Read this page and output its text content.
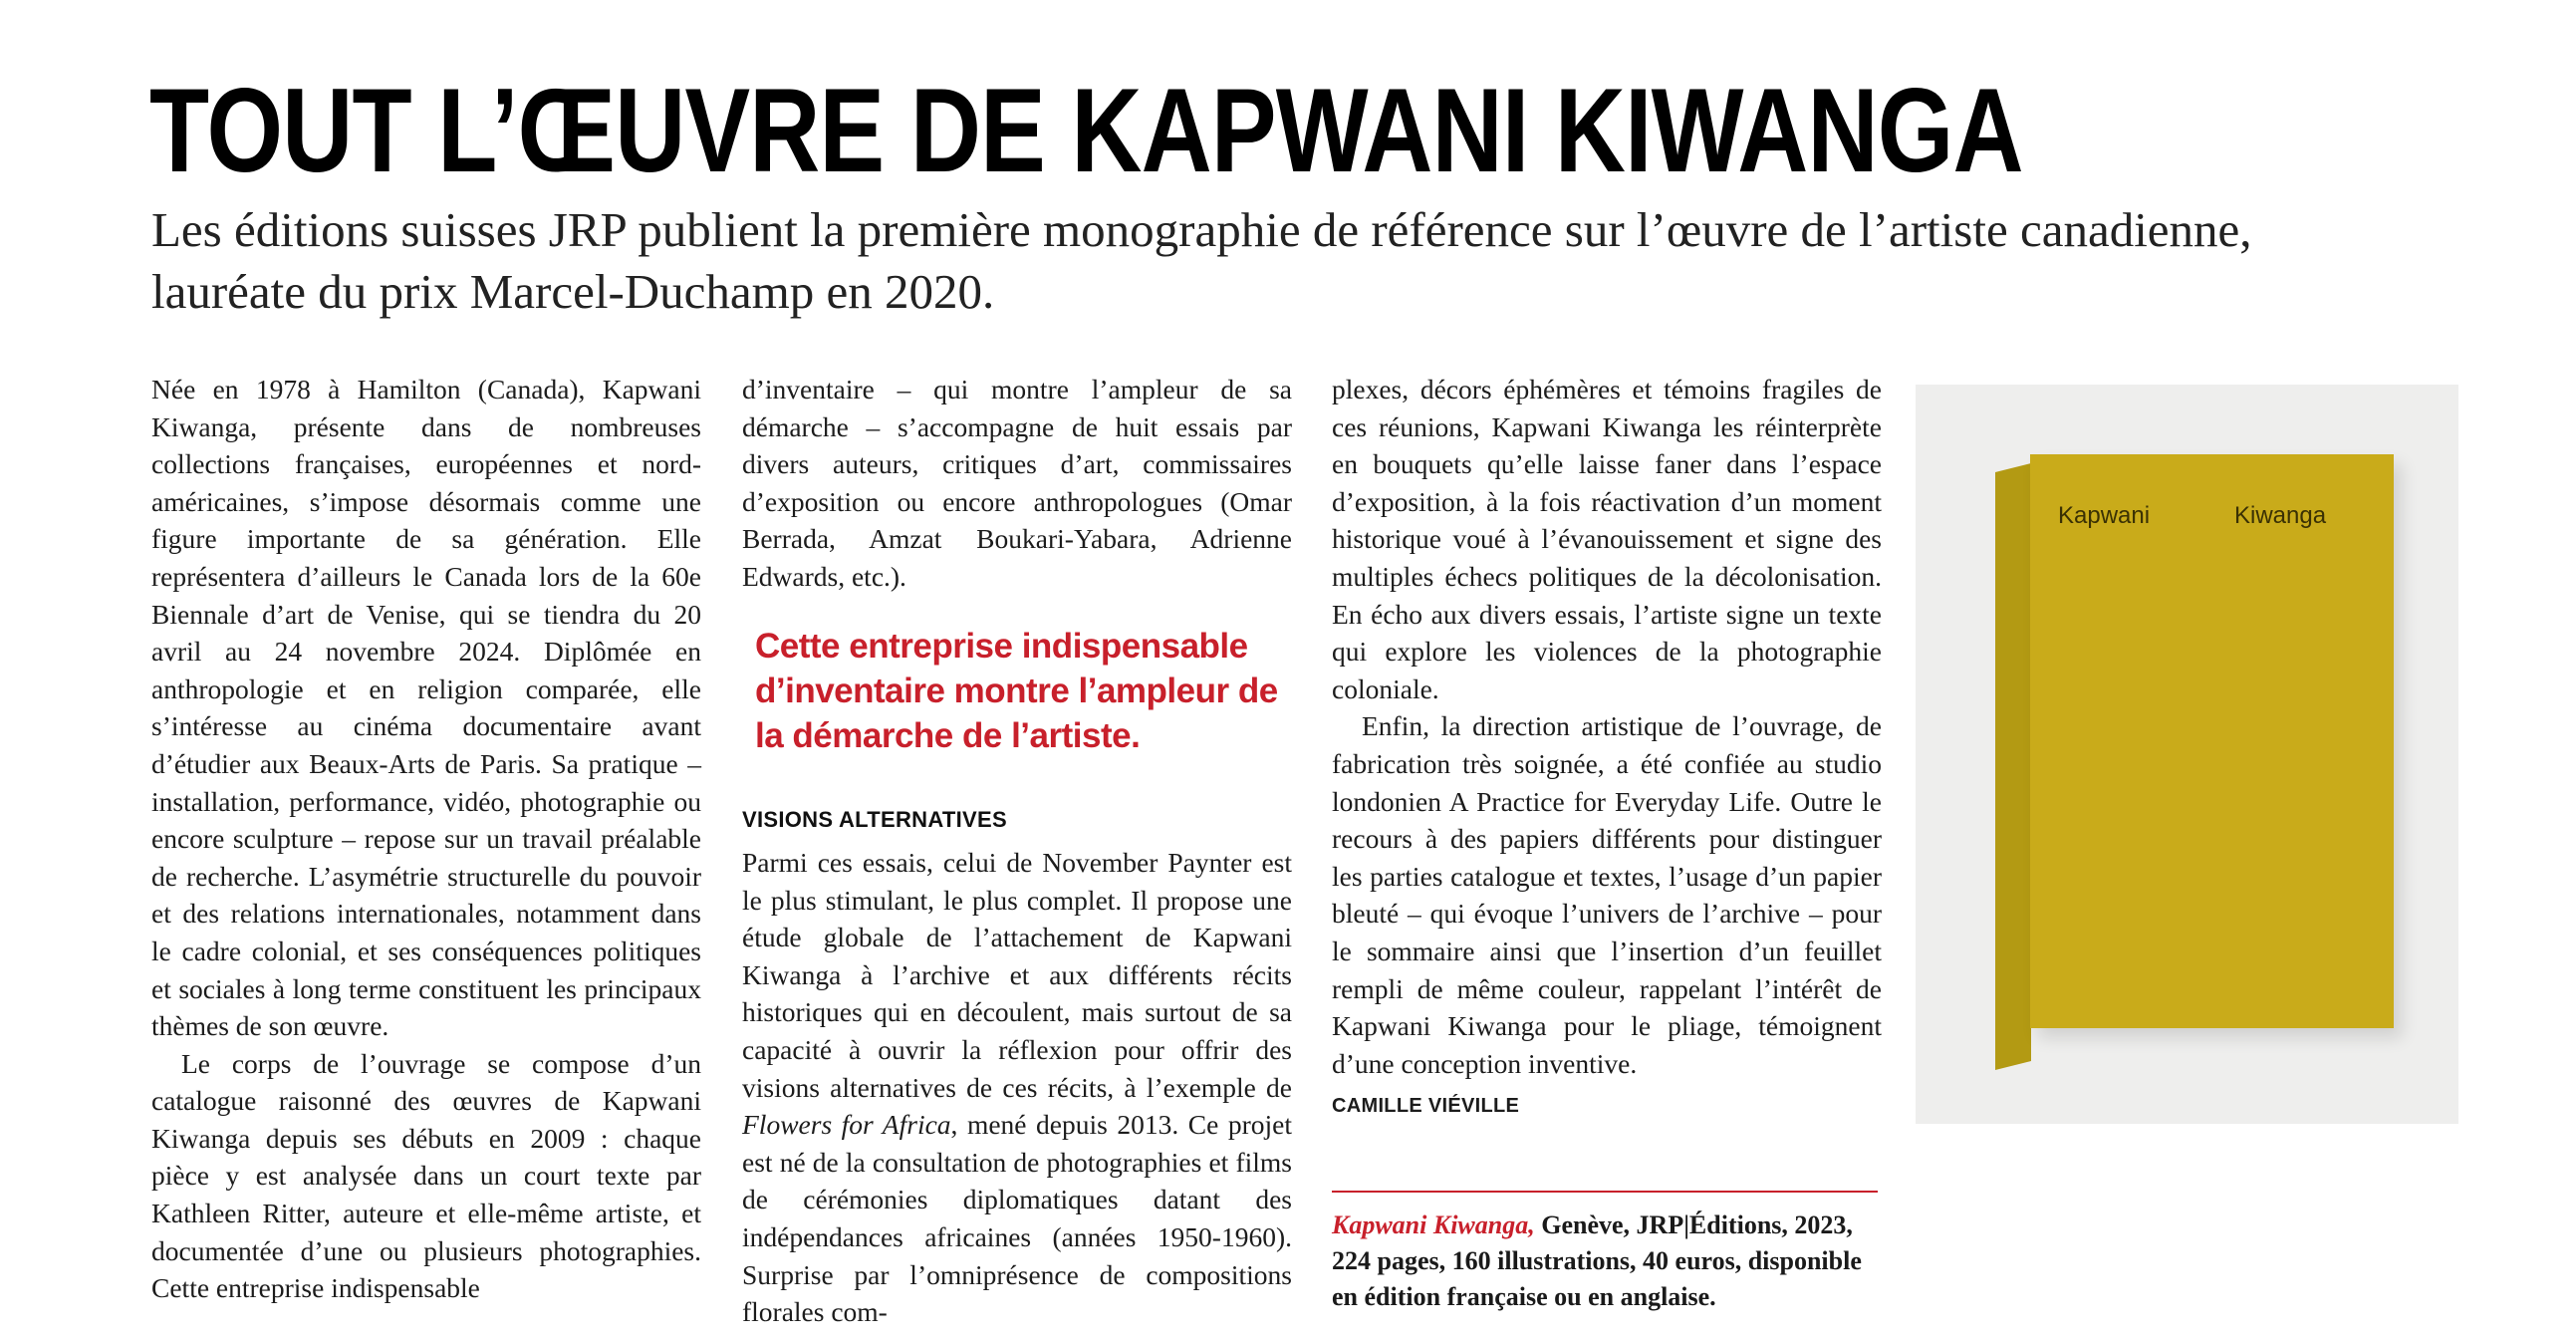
TOUT L’ŒUVRE DE KAPWANI KIWANGA
Les éditions suisses JRP publient la première monographie de référence sur l’œuvre de l’artiste canadienne, lauréate du prix Marcel-Duchamp en 2020.

Née en 1978 à Hamilton (Canada), Kapwani Kiwanga, présente dans de nombreuses collections françaises, européennes et nord-américaines, s’impose désormais comme une figure importante de sa génération. Elle représentera d’ailleurs le Canada lors de la 60e Biennale d’art de Venise, qui se tiendra du 20 avril au 24 novembre 2024. Diplômée en anthropologie et en religion comparée, elle s’intéresse au cinéma documentaire avant d’étudier aux Beaux-Arts de Paris. Sa pratique – installation, performance, vidéo, photographie ou encore sculpture – repose sur un travail préalable de recherche. L’asymétrie structurelle du pouvoir et des relations internationales, notamment dans le cadre colonial, et ses conséquences politiques et sociales à long terme constituent les principaux thèmes de son œuvre.

Le corps de l’ouvrage se compose d’un catalogue raisonné des œuvres de Kapwani Kiwanga depuis ses débuts en 2009 : chaque pièce y est analysée dans un court texte par Kathleen Ritter, auteure et elle-même artiste, et documentée d’une ou plusieurs photographies. Cette entreprise indispensable

d’inventaire – qui montre l’ampleur de sa démarche – s’accompagne de huit essais par divers auteurs, critiques d’art, commissaires d’exposition ou encore anthropologues (Omar Berrada, Amzat Boukari-Yabara, Adrienne Edwards, etc.).

Cette entreprise indispensable d’inventaire montre l’ampleur de la démarche de l’artiste.
VISIONS ALTERNATIVES

Parmi ces essais, celui de November Paynter est le plus stimulant, le plus complet. Il propose une étude globale de l’attachement de Kapwani Kiwanga à l’archive et aux différents récits historiques qui en découlent, mais surtout de sa capacité à ouvrir la réflexion pour offrir des visions alternatives de ces récits, à l’exemple de Flowers for Africa, mené depuis 2013. Ce projet est né de la consultation de photographies et films de cérémonies diplomatiques datant des indépendances africaines (années 1950-1960). Surprise par l’omniprésence de compositions florales com-

plexes, décors éphémères et témoins fragiles de ces réunions, Kapwani Kiwanga les réinterprète en bouquets qu’elle laisse faner dans l’espace d’exposition, à la fois réactivation d’un moment historique voué à l’évanouissement et signe des multiples échecs politiques de la décolonisation. En écho aux divers essais, l’artiste signe un texte qui explore les violences de la photographie coloniale.

Enfin, la direction artistique de l’ouvrage, de fabrication très soignée, a été confiée au studio londonien A Practice for Everyday Life. Outre le recours à des papiers différents pour distinguer les parties catalogue et textes, l’usage d’un papier bleuté – qui évoque l’univers de l’archive – pour le sommaire ainsi que l’insertion d’un feuillet rempli de même couleur, rappelant l’intérêt de Kapwani Kiwanga pour le pliage, témoignent d’une conception inventive.

CAMILLE VIÉVILLE
Kapwani Kiwanga, Genève, JRP|Éditions, 2023, 224 pages, 160 illustrations, 40 euros, disponible en édition française ou en anglaise.
Kapwani	Kiwanga
